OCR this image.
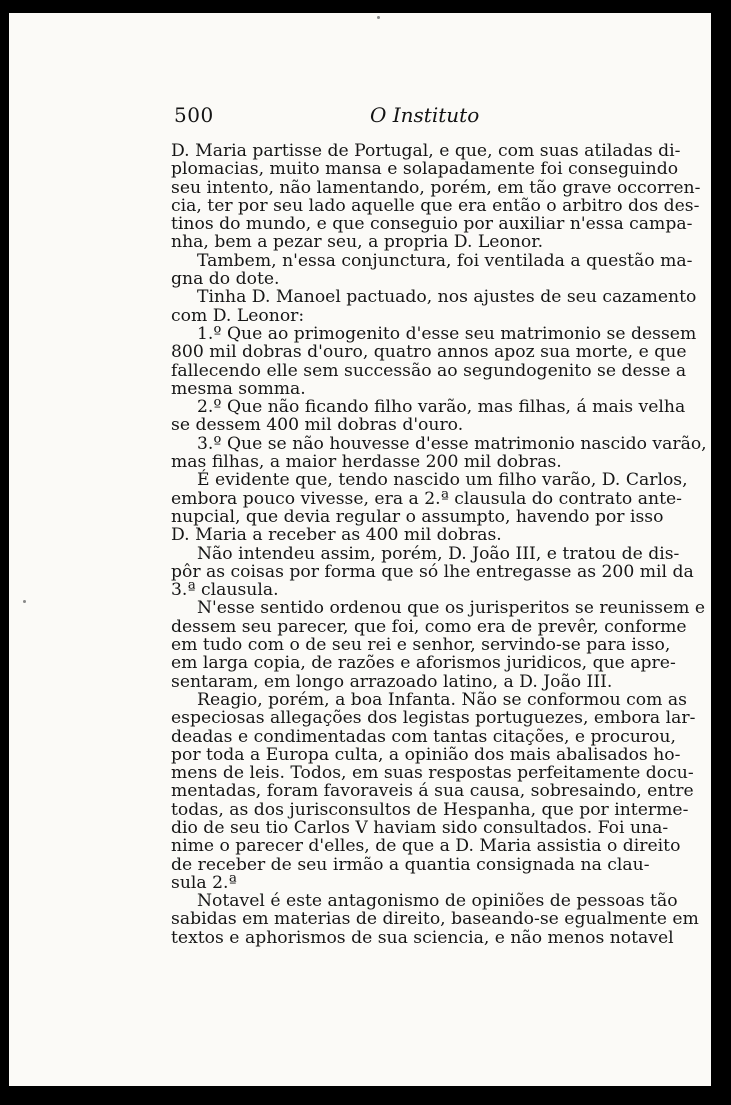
500	O Instituto
D. Maria partisse de Portugal, e que, com suas atiladas di-
plomacias, muito mansa e solapadamente foi conseguindo
seu intento, não lamentando, porém, em tão grave occorren-
cia, ter por seu lado aquelle que era então o arbitro dos des-
tinos do mundo, e que conseguio por auxiliar n'essa campa-
nha, bem a pezar seu, a propria D. Leonor.
Tambem, n'essa conjunctura, foi ventilada a questão ma-
gna do dote.
Tinha D. Manoel pactuado, nos ajustes de seu cazamento
com D. Leonor:
1.º Que ao primogenito d'esse seu matrimonio se dessem
800 mil dobras d'ouro, quatro annos apoz sua morte, e que
fallecendo elle sem successão ao segundogenito se desse a
mesma somma.
2.º Que não ficando filho varão, mas filhas, á mais velha
se dessem 400 mil dobras d'ouro.
3.º Que se não houvesse d'esse matrimonio nascido varão,
mas filhas, a maior herdasse 200 mil dobras.
É evidente que, tendo nascido um filho varão, D. Carlos,
embora pouco vivesse, era a 2.ª clausula do contrato ante-
nupcial, que devia regular o assumpto, havendo por isso
D. Maria a receber as 400 mil dobras.
Não intendeu assim, porém, D. João III, e tratou de dis-
pôr as coisas por forma que só lhe entregasse as 200 mil da
3.ª clausula.
N'esse sentido ordenou que os jurisperitos se reunissem e
dessem seu parecer, que foi, como era de prevêr, conforme
em tudo com o de seu rei e senhor, servindo-se para isso,
em larga copia, de razões e aforismos juridicos, que apre-
sentaram, em longo arrazoado latino, a D. João III.
Reagio, porém, a boa Infanta. Não se conformou com as
especiosas allegações dos legistas portuguezes, embora lar-
deadas e condimentadas com tantas citações, e procurou,
por toda a Europa culta, a opinião dos mais abalisados ho-
mens de leis. Todos, em suas respostas perfeitamente docu-
mentadas, foram favoraveis á sua causa, sobresaindo, entre
todas, as dos jurisconsultos de Hespanha, que por interme-
dio de seu tio Carlos V haviam sido consultados. Foi una-
nime o parecer d'elles, de que a D. Maria assistia o direito
de receber de seu irmão a quantia consignada na clau-
sula 2.ª
Notavel é este antagonismo de opiniões de pessoas tão
sabidas em materias de direito, baseando-se egualmente em
textos e aphorismos de sua sciencia, e não menos notavel
